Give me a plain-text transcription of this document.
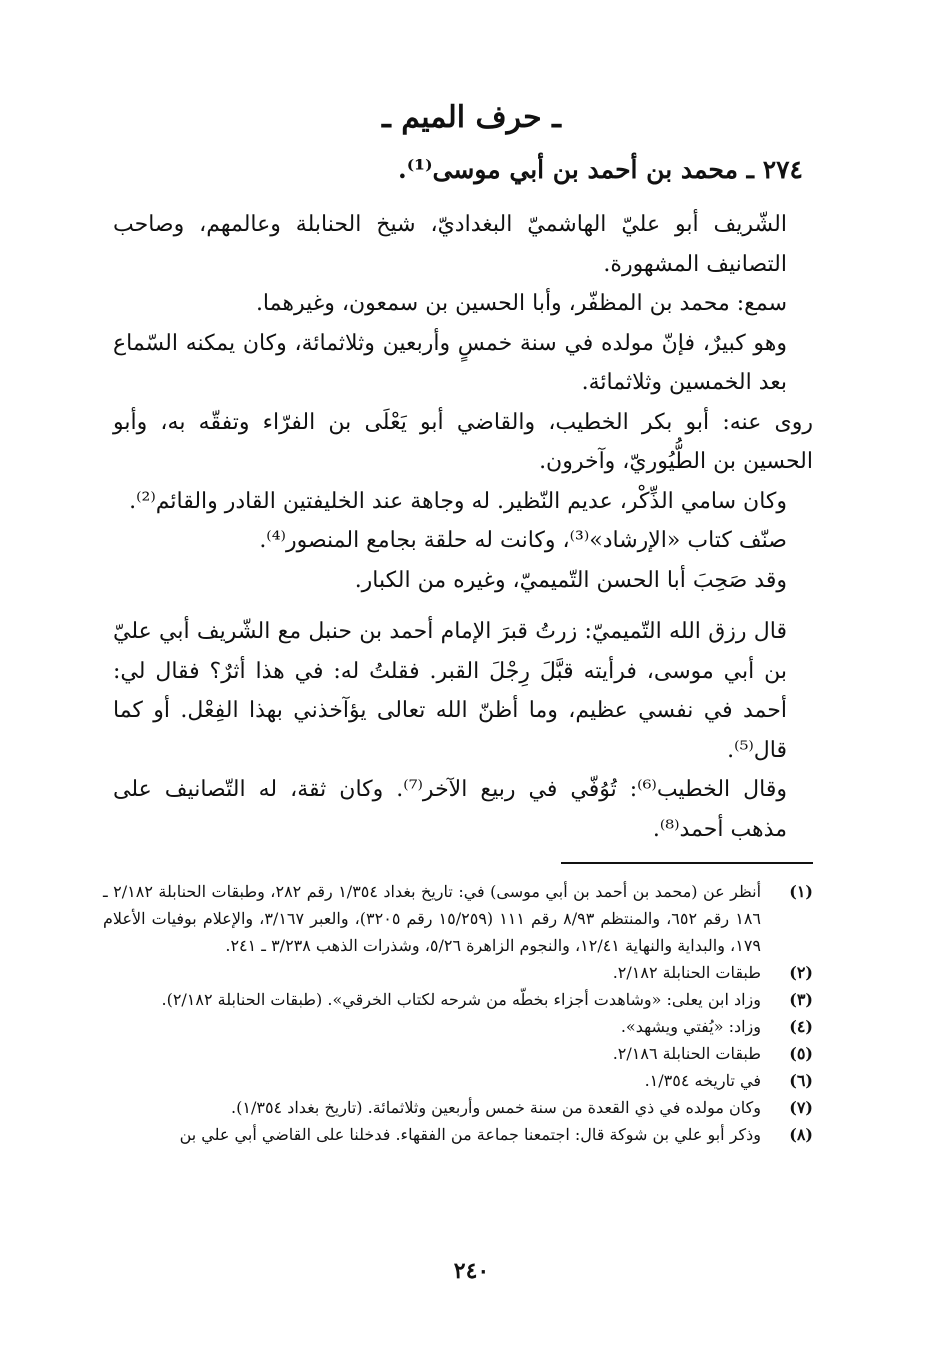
ـ حرف الميم ـ
٢٧٤ ـ محمد بن أحمد بن أبي موسى⁽¹⁾.

الشّريف أبو عليّ الهاشميّ البغداديّ، شيخ الحنابلة وعالمهم، وصاحب التصانيف المشهورة.

سمع: محمد بن المظفّر، وأبا الحسين بن سمعون، وغيرهما.

وهو كبيرٌ، فإنّ مولده في سنة خمسٍ وأربعين وثلاثمائة، وكان يمكنه السّماع بعد الخمسين وثلاثمائة.

روى عنه: أبو بكر الخطيب، والقاضي أبو يَعْلَى بن الفرّاء وتفقّه به، وأبو الحسين بن الطُّيُوريّ، وآخرون.

وكان سامي الذِّكْر، عديم النّظير. له وجاهة عند الخليفتين القادر والقائم⁽²⁾.

صنّف كتاب «الإرشاد»⁽³⁾، وكانت له حلقة بجامع المنصور⁽⁴⁾.

وقد صَحِبَ أبا الحسن التّميميّ، وغيره من الكبار.

قال رزق الله التّميميّ: زرتُ قبرَ الإمام أحمد بن حنبل مع الشّريف أبي عليّ بن أبي موسى، فرأيته قبَّلَ رِجْلَ القبر. فقلتُ له: في هذا أثرٌ؟ فقال لي: أحمد في نفسي عظيم، وما أظنّ الله تعالى يؤآخذني بهذا الفِعْل. أو كما قال⁽⁵⁾.

وقال الخطيب⁽⁶⁾: تُوُفّي في ربيع الآخر⁽⁷⁾. وكان ثقة، له التّصانيف على مذهب أحمد⁽⁸⁾.

(١)
أنظر عن (محمد بن أحمد بن أبي موسى) في: تاريخ بغداد ١/٣٥٤ رقم ٢٨٢، وطبقات الحنابلة ٢/١٨٢ ـ ١٨٦ رقم ٦٥٢، والمنتظم ٨/٩٣ رقم ١١١ (١٥/٢٥٩ رقم ٣٢٠٥)، والعبر ٣/١٦٧، والإعلام بوفيات الأعلام ١٧٩، والبداية والنهاية ١٢/٤١، والنجوم الزاهرة ٥/٢٦، وشذرات الذهب ٣/٢٣٨ ـ ٢٤١.
(٢)
طبقات الحنابلة ٢/١٨٢.
(٣)
وزاد ابن يعلى: «وشاهدت أجزاء بخطّه من شرحه لكتاب الخرقي». (طبقات الحنابلة ٢/١٨٢).
(٤)
وزاد: «يُفتي ويشهد».
(٥)
طبقات الحنابلة ٢/١٨٦.
(٦)
في تاريخه ١/٣٥٤.
(٧)
وكان مولده في ذي القعدة من سنة خمس وأربعين وثلاثمائة. (تاريخ بغداد ١/٣٥٤).
(٨)
وذكر أبو علي بن شوكة قال: اجتمعنا جماعة من الفقهاء. فدخلنا على القاضي أبي علي بن
٢٤٠
